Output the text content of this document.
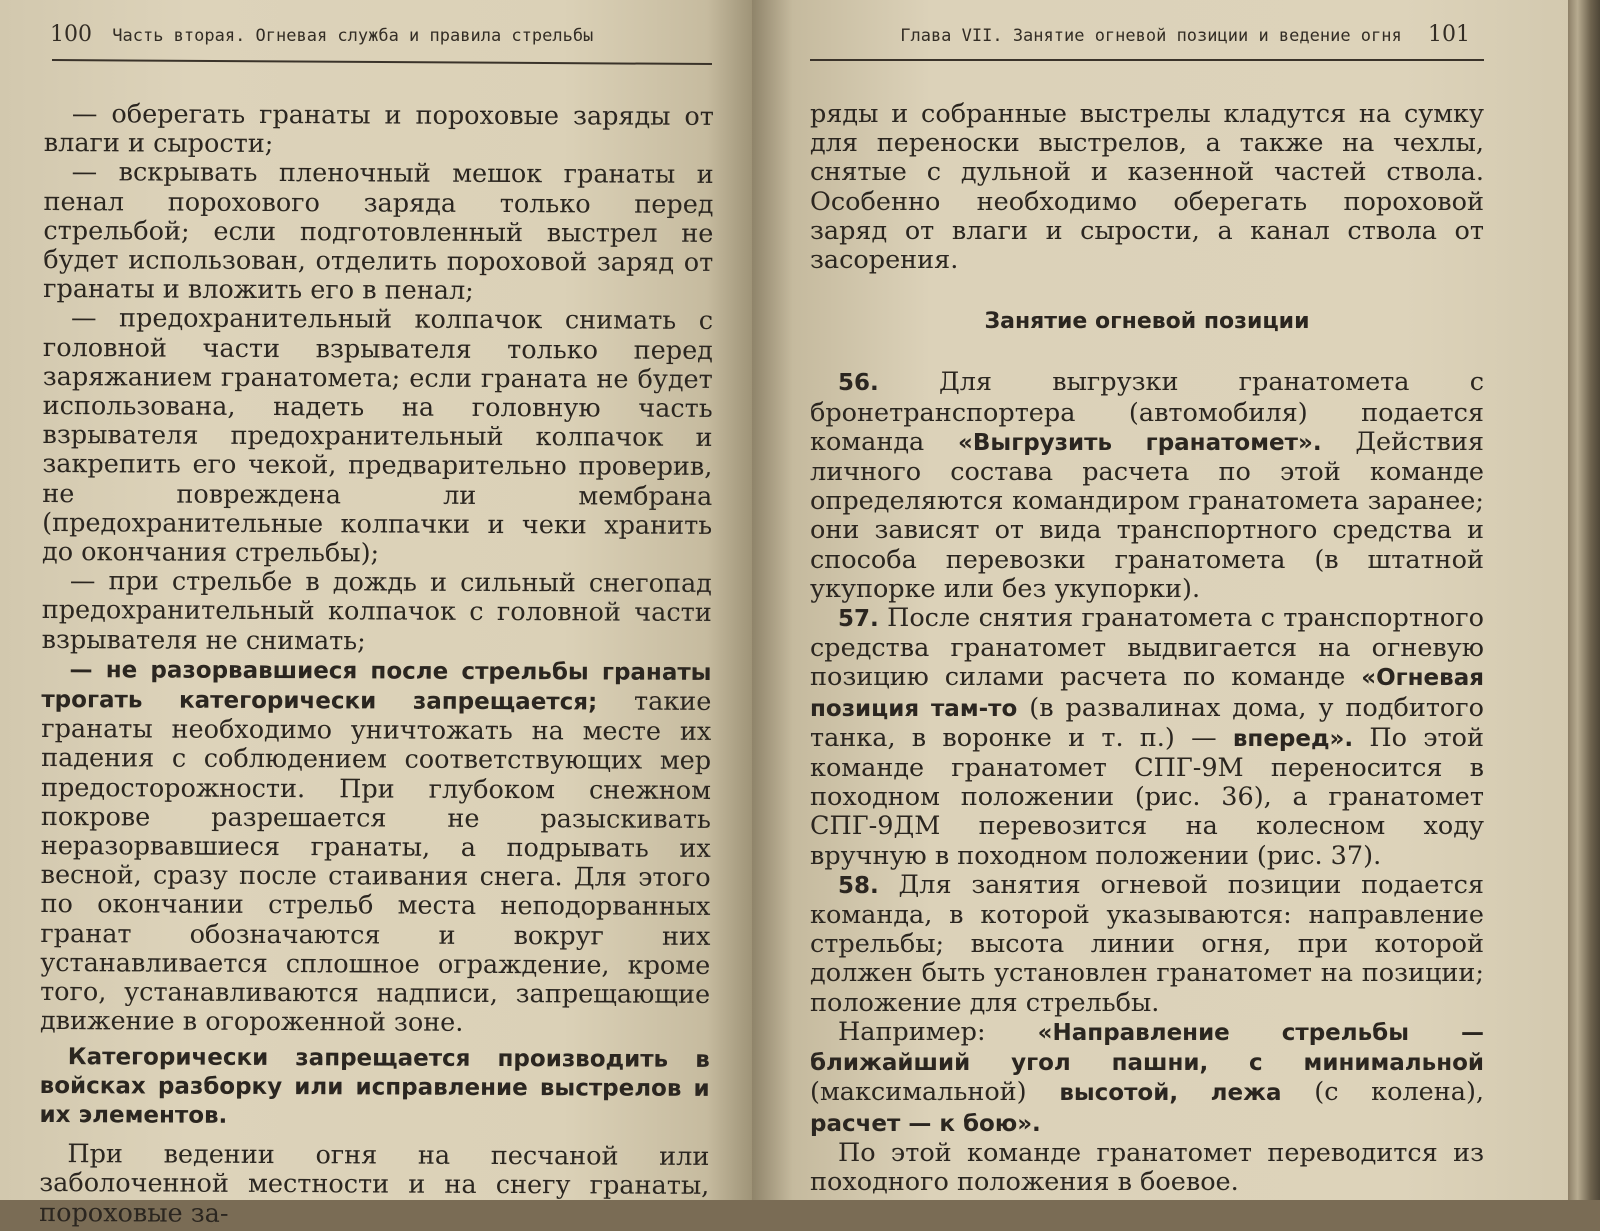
100 Часть вторая. Огневая служба и правила стрельбы

— оберегать гранаты и пороховые заряды от влаги и сырости;

— вскрывать пленочный мешок гранаты и пенал порохового заряда только перед стрельбой; если подготовленный выстрел не будет использован, отделить пороховой заряд от гранаты и вложить его в пенал;

— предохранительный колпачок снимать с головной части взрывателя только перед заряжанием гранатомета; если граната не будет использована, надеть на головную часть взрывателя предохранительный колпачок и закрепить его чекой, предварительно проверив, не повреждена ли мембрана (предохранительные колпачки и чеки хранить до окончания стрельбы);

— при стрельбе в дождь и сильный снегопад предохранительный колпачок с головной части взрывателя не снимать;

— не разорвавшиеся после стрельбы гранаты трогать категорически запрещается; такие гранаты необходимо уничтожать на месте их падения с соблюдением соответствующих мер предосторожности. При глубоком снежном покрове разрешается не разыскивать неразорвавшиеся гранаты, а подрывать их весной, сразу после стаивания снега. Для этого по окончании стрельб места неподорванных гранат обозначаются и вокруг них устанавливается сплошное ограждение, кроме того, устанавливаются надписи, запрещающие движение в огороженной зоне.

Категорически запрещается производить в войсках разборку или исправление выстрелов и их элементов.

При ведении огня на песчаной или заболоченной местности и на снегу гранаты, пороховые за-

Глава VII. Занятие огневой позиции и ведение огня 101

ряды и собранные выстрелы кладутся на сумку для переноски выстрелов, а также на чехлы, снятые с дульной и казенной частей ствола. Особенно необходимо оберегать пороховой заряд от влаги и сырости, а канал ствола от засорения.

Занятие огневой позиции

56. Для выгрузки гранатомета с бронетранспортера (автомобиля) подается команда «Выгрузить гранатомет». Действия личного состава расчета по этой команде определяются командиром гранатомета заранее; они зависят от вида транспортного средства и способа перевозки гранатомета (в штатной укупорке или без укупорки).

57. После снятия гранатомета с транспортного средства гранатомет выдвигается на огневую позицию силами расчета по команде «Огневая позиция там-то (в развалинах дома, у подбитого танка, в воронке и т. п.) — вперед». По этой команде гранатомет СПГ-9М переносится в походном положении (рис. 36), а гранатомет СПГ-9ДМ перевозится на колесном ходу вручную в походном положении (рис. 37).

58. Для занятия огневой позиции подается команда, в которой указываются: направление стрельбы; высота линии огня, при которой должен быть установлен гранатомет на позиции; положение для стрельбы.

Например: «Направление стрельбы — ближайший угол пашни, с минимальной (максимальной) высотой, лежа (с колена), расчет — к бою».

По этой команде гранатомет переводится из походного положения в боевое.
